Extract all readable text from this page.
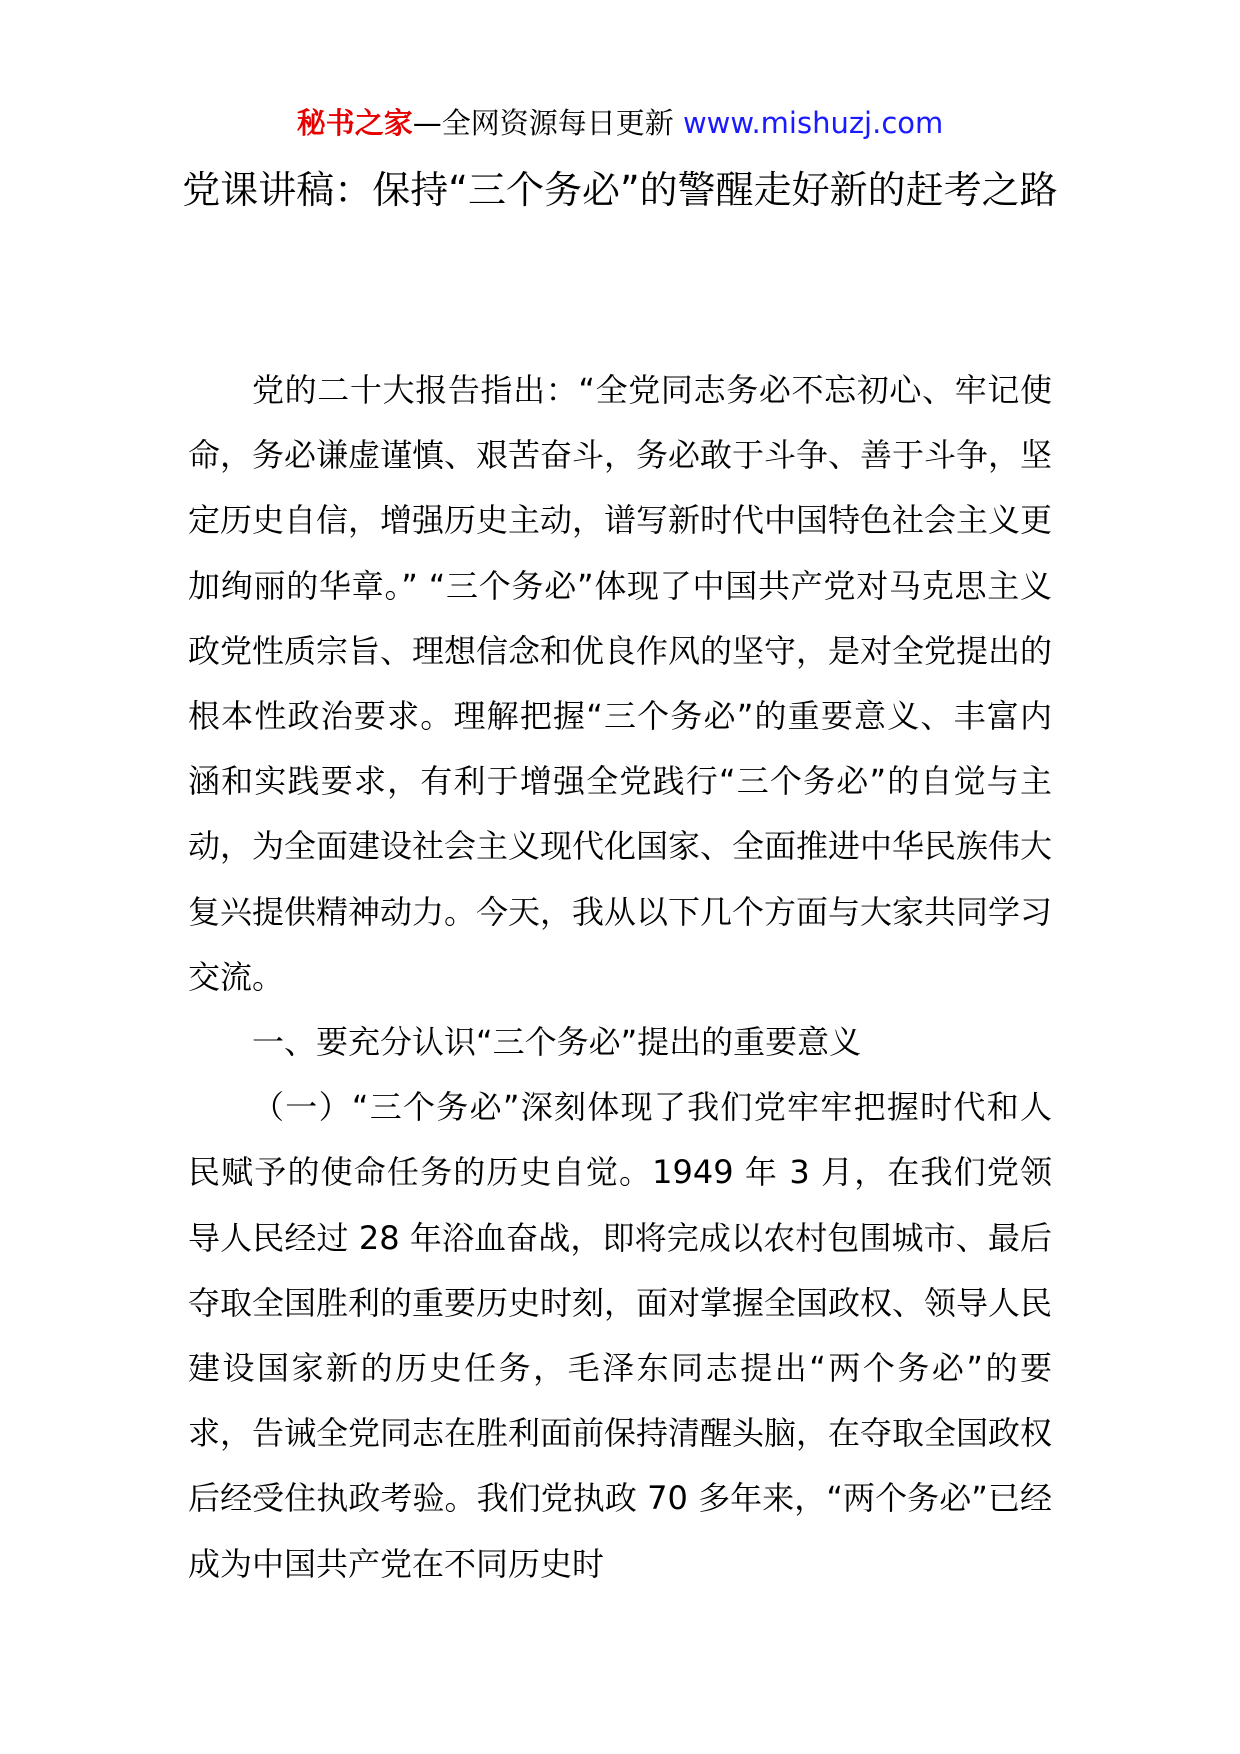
秘书之家—全网资源每日更新 www.mishuzj.com
党课讲稿：保持“三个务必”的警醒走好新的赶考之路

党的二十大报告指出：“全党同志务必不忘初心、牢记使命，务必谦虚谨慎、艰苦奋斗，务必敢于斗争、善于斗争，坚定历史自信，增强历史主动，谱写新时代中国特色社会主义更加绚丽的华章。” “三个务必”体现了中国共产党对马克思主义政党性质宗旨、理想信念和优良作风的坚守，是对全党提出的根本性政治要求。理解把握“三个务必”的重要意义、丰富内涵和实践要求，有利于增强全党践行“三个务必”的自觉与主动，为全面建设社会主义现代化国家、全面推进中华民族伟大复兴提供精神动力。今天，我从以下几个方面与大家共同学习交流。

一、要充分认识“三个务必”提出的重要意义

（一）“三个务必”深刻体现了我们党牢牢把握时代和人民赋予的使命任务的历史自觉。1949 年 3 月，在我们党领导人民经过 28 年浴血奋战，即将完成以农村包围城市、最后夺取全国胜利的重要历史时刻，面对掌握全国政权、领导人民建设国家新的历史任务，毛泽东同志提出“两个务必”的要求，告诫全党同志在胜利面前保持清醒头脑，在夺取全国政权后经受住执政考验。我们党执政 70 多年来，“两个务必”已经成为中国共产党在不同历史时
